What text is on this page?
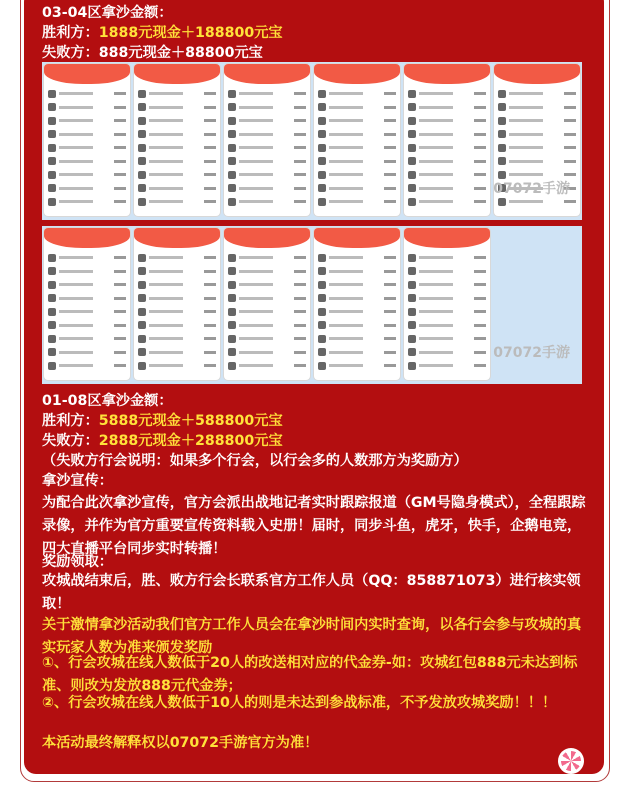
03-04区拿沙金额：
胜利方：1888元现金＋188800元宝
失败方：888元现金＋88800元宝
07072手游
07072手游
01-08区拿沙金额：
胜利方：5888元现金＋588800元宝
失败方：2888元现金＋288800元宝
（失败方行会说明：如果多个行会，以行会多的人数那方为奖励方）
拿沙宣传：
为配合此次拿沙宣传，官方会派出战地记者实时跟踪报道（GM号隐身模式），全程跟踪录像，并作为官方重要宣传资料载入史册！届时，同步斗鱼，虎牙，快手，企鹅电竞，四大直播平台同步实时转播！
奖励领取：
攻城战结束后，胜、败方行会长联系官方工作人员（QQ：858871073）进行核实领取！
关于激情拿沙活动我们官方工作人员会在拿沙时间内实时查询，以各行会参与攻城的真实玩家人数为准来颁发奖励
①、行会攻城在线人数低于20人的改送相对应的代金券-如：攻城红包888元未达到标准、则改为发放888元代金券；
②、行会攻城在线人数低于10人的则是未达到参战标准，不予发放攻城奖励！！！
本活动最终解释权以07072手游官方为准！
